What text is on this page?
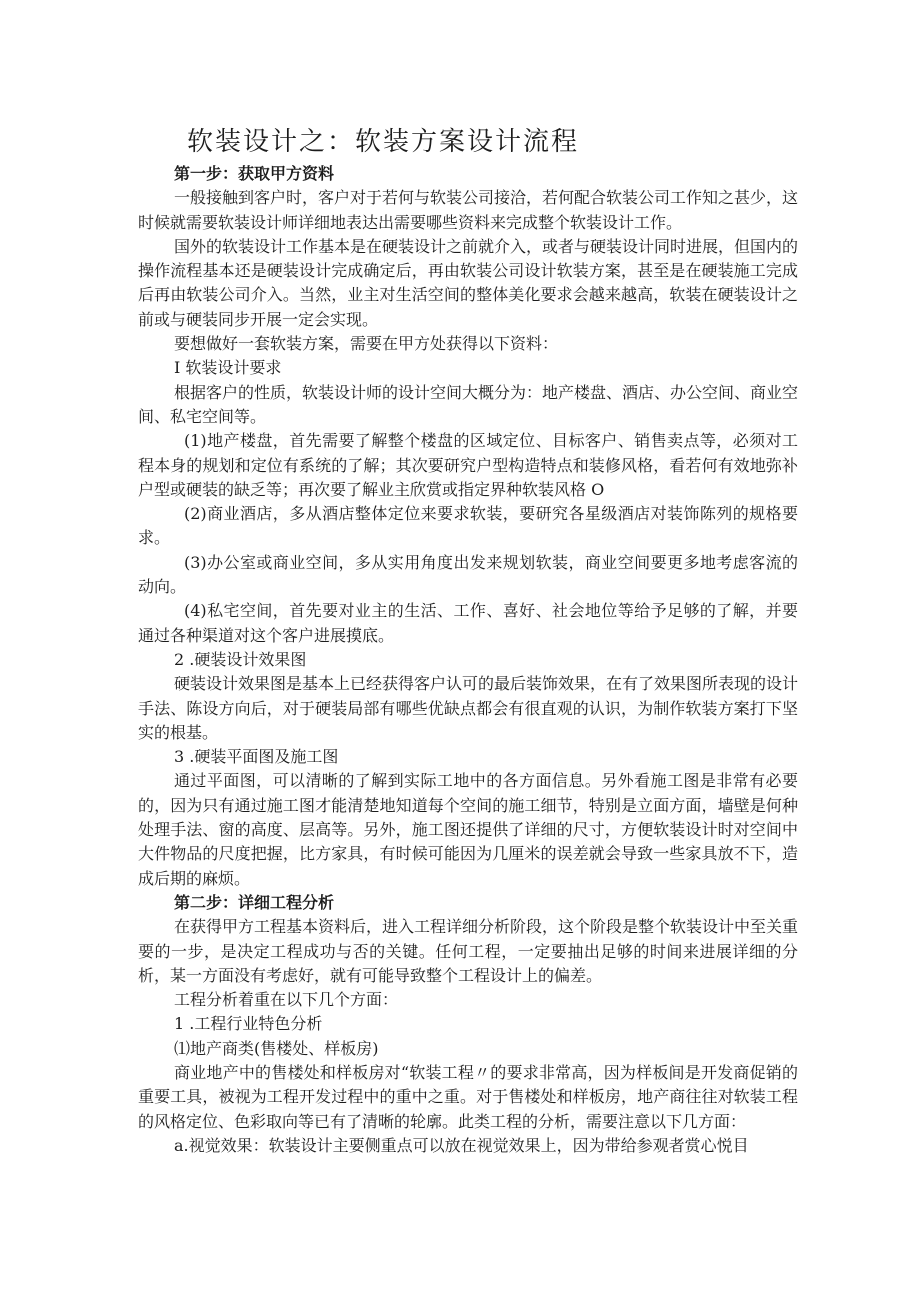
软装设计之：软装方案设计流程

第一步：获取甲方资料

一般接触到客户时，客户对于若何与软装公司接洽，若何配合软装公司工作知之甚少，这时候就需要软装设计师详细地表达出需要哪些资料来完成整个软装设计工作。

国外的软装设计工作基本是在硬装设计之前就介入，或者与硬装设计同时进展，但国内的操作流程基本还是硬装设计完成确定后，再由软装公司设计软装方案，甚至是在硬装施工完成后再由软装公司介入。当然，业主对生活空间的整体美化要求会越来越高，软装在硬装设计之前或与硬装同步开展一定会实现。

要想做好一套软装方案，需要在甲方处获得以下资料：

I 软装设计要求

根据客户的性质，软装设计师的设计空间大概分为：地产楼盘、酒店、办公空间、商业空间、私宅空间等。

(1)地产楼盘，首先需要了解整个楼盘的区域定位、目标客户、销售卖点等，必须对工程本身的规划和定位有系统的了解；其次要研究户型构造特点和装修风格，看若何有效地弥补户型或硬装的缺乏等；再次要了解业主欣赏或指定界种软装风格 O

(2)商业酒店，多从酒店整体定位来要求软装，要研究各星级酒店对装饰陈列的规格要求。

(3)办公室或商业空间，多从实用角度出发来规划软装，商业空间要更多地考虑客流的动向。

(4)私宅空间，首先要对业主的生活、工作、喜好、社会地位等给予足够的了解，并要通过各种渠道对这个客户进展摸底。

2 .硬装设计效果图

硬装设计效果图是基本上已经获得客户认可的最后装饰效果，在有了效果图所表现的设计手法、陈设方向后，对于硬装局部有哪些优缺点都会有很直观的认识，为制作软装方案打下坚实的根基。

3 .硬装平面图及施工图

通过平面图，可以清晰的了解到实际工地中的各方面信息。另外看施工图是非常有必要的，因为只有通过施工图才能清楚地知道每个空间的施工细节，特别是立面方面，墙壁是何种处理手法、窗的高度、层高等。另外，施工图还提供了详细的尺寸，方便软装设计时对空间中大件物品的尺度把握，比方家具，有时候可能因为几厘米的误差就会导致一些家具放不下，造成后期的麻烦。

第二步：详细工程分析

在获得甲方工程基本资料后，进入工程详细分析阶段，这个阶段是整个软装设计中至关重要的一步，是决定工程成功与否的关键。任何工程，一定要抽出足够的时间来进展详细的分析，某一方面没有考虑好，就有可能导致整个工程设计上的偏差。

工程分析着重在以下几个方面：

1 .工程行业特色分析

⑴地产商类(售楼处、样板房)

商业地产中的售楼处和样板房对“软装工程〃的要求非常高，因为样板间是开发商促销的重要工具，被视为工程开发过程中的重中之重。对于售楼处和样板房，地产商往往对软装工程的风格定位、色彩取向等已有了清晰的轮廓。此类工程的分析，需要注意以下几方面：

a.视觉效果：软装设计主要侧重点可以放在视觉效果上，因为带给参观者赏心悦目
